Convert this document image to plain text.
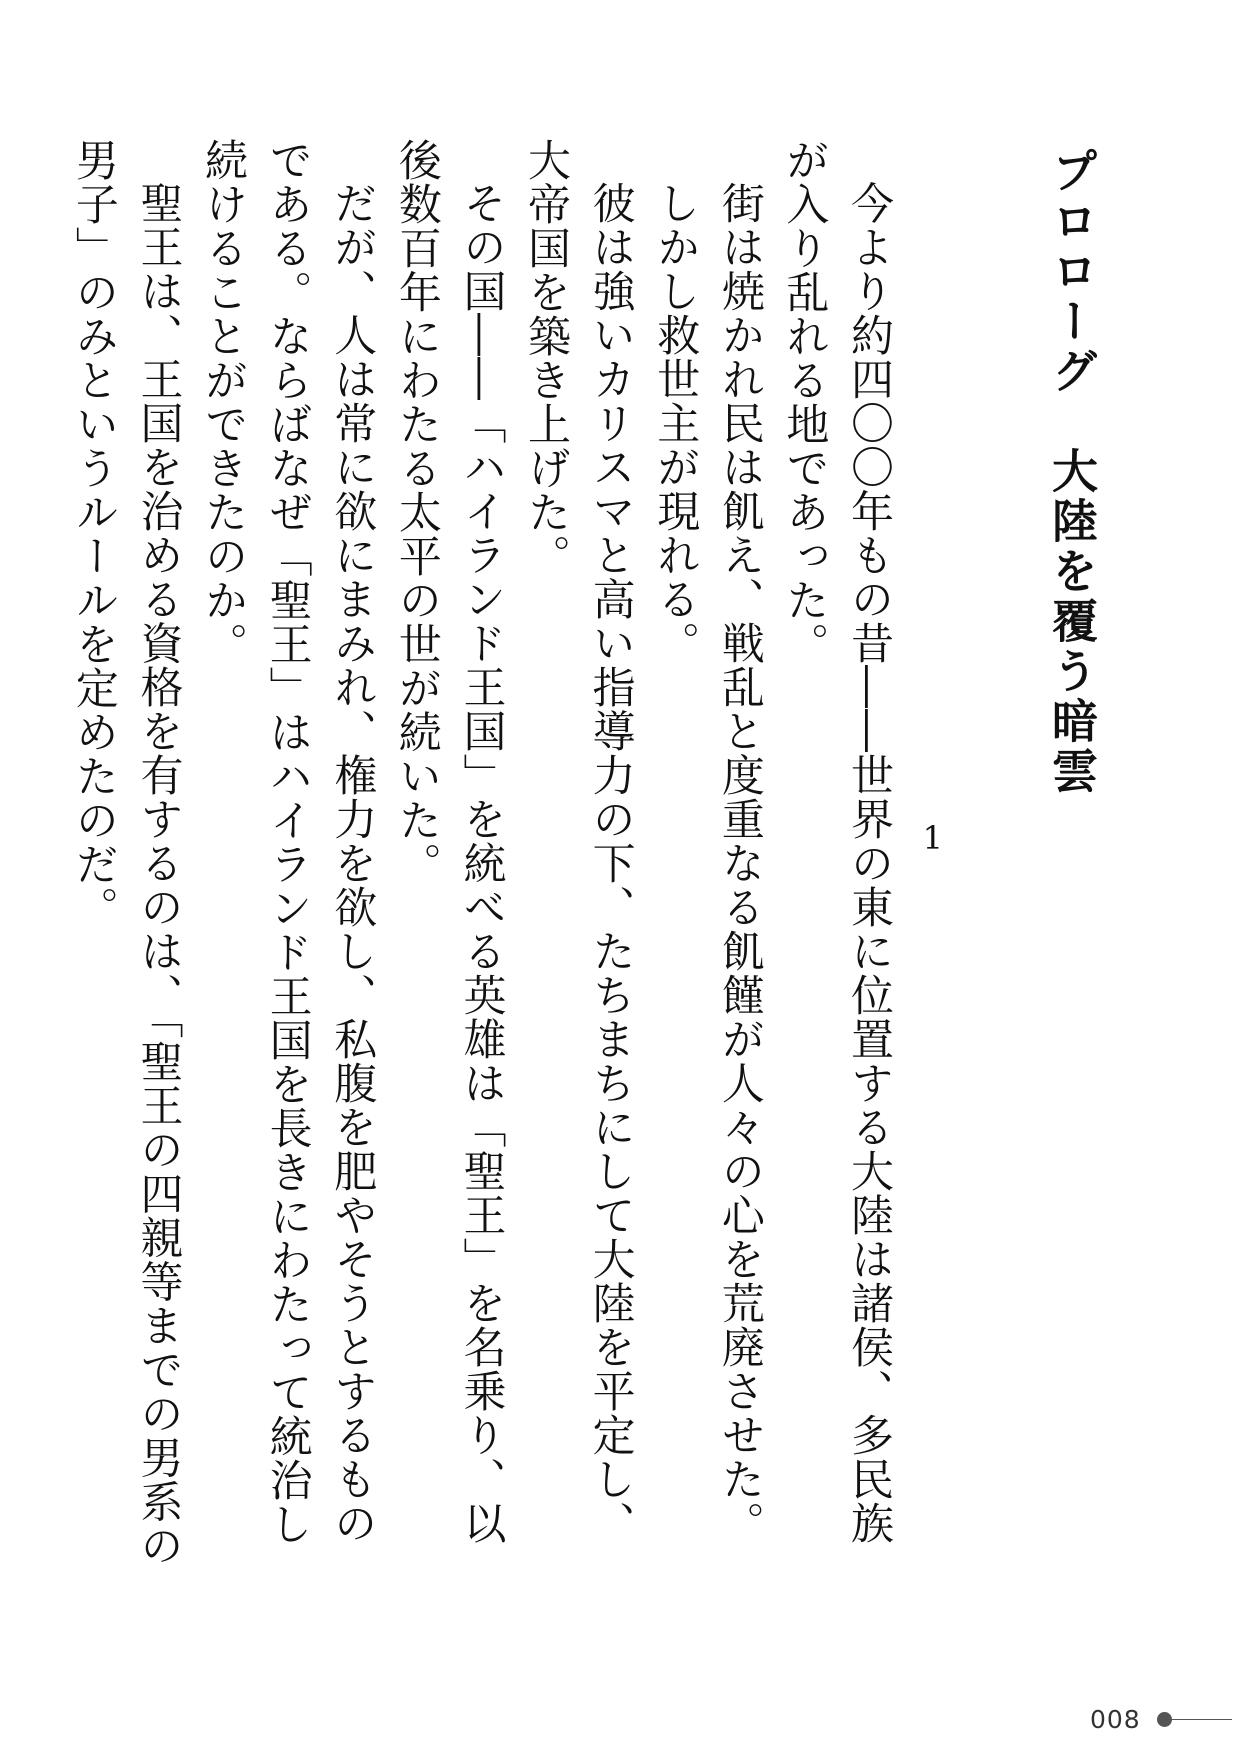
プロローグ大陸を覆う暗雲
1

今より約四〇〇年もの昔――世界の東に位置する大陸は諸侯、多民族が入り乱れる地であった。

街は焼かれ民は飢え、戦乱と度重なる飢饉が人々の心を荒廃させた。

しかし救世主が現れる。

彼は強いカリスマと高い指導力の下、たちまちにして大陸を平定し、大帝国を築き上げた。

その国――「ハイランド王国」を統べる英雄は「聖王」を名乗り、以後数百年にわたる太平の世が続いた。

だが、人は常に欲にまみれ、権力を欲し、私腹を肥やそうとするものである。ならばなぜ「聖王」はハイランド王国を長きにわたって統治し続けることができたのか。

聖王は、王国を治める資格を有するのは、「聖王の四親等までの男系の男子」のみというルールを定めたのだ。

008
